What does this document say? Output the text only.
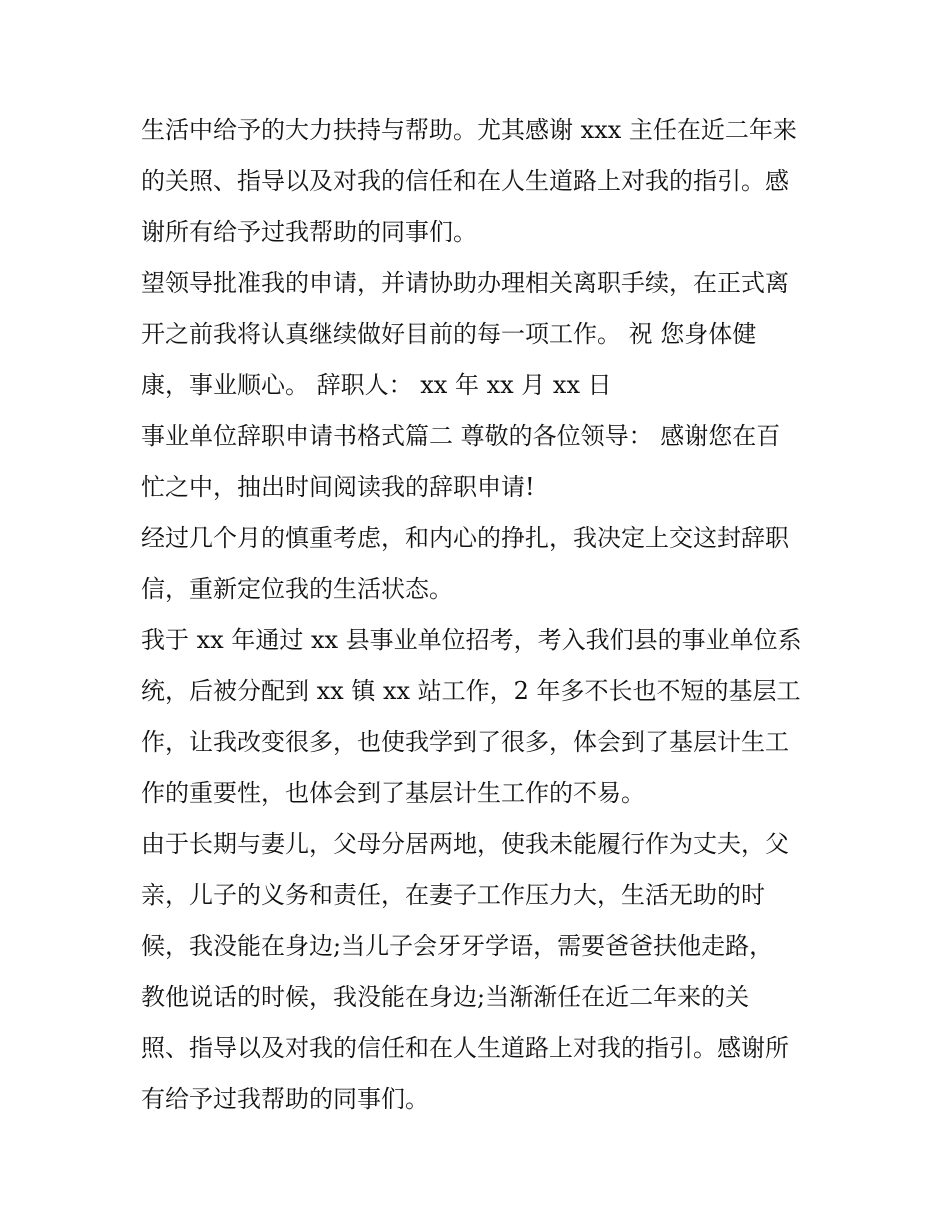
生活中给予的大力扶持与帮助。尤其感谢 xxx 主任在近二年来
的关照、指导以及对我的信任和在人生道路上对我的指引。感
谢所有给予过我帮助的同事们。
望领导批准我的申请，并请协助办理相关离职手续，在正式离
开之前我将认真继续做好目前的每一项工作。 祝 您身体健
康，事业顺心。 辞职人： xx 年 xx 月 xx 日
事业单位辞职申请书格式篇二 尊敬的各位领导： 感谢您在百
忙之中，抽出时间阅读我的辞职申请!
经过几个月的慎重考虑，和内心的挣扎，我决定上交这封辞职
信，重新定位我的生活状态。
我于 xx 年通过 xx 县事业单位招考，考入我们县的事业单位系
统，后被分配到 xx 镇 xx 站工作，2 年多不长也不短的基层工
作，让我改变很多，也使我学到了很多，体会到了基层计生工
作的重要性，也体会到了基层计生工作的不易。
由于长期与妻儿，父母分居两地，使我未能履行作为丈夫，父
亲，儿子的义务和责任，在妻子工作压力大，生活无助的时
候，我没能在身边;当儿子会牙牙学语，需要爸爸扶他走路，
教他说话的时候，我没能在身边;当渐渐任在近二年来的关
照、指导以及对我的信任和在人生道路上对我的指引。感谢所
有给予过我帮助的同事们。
